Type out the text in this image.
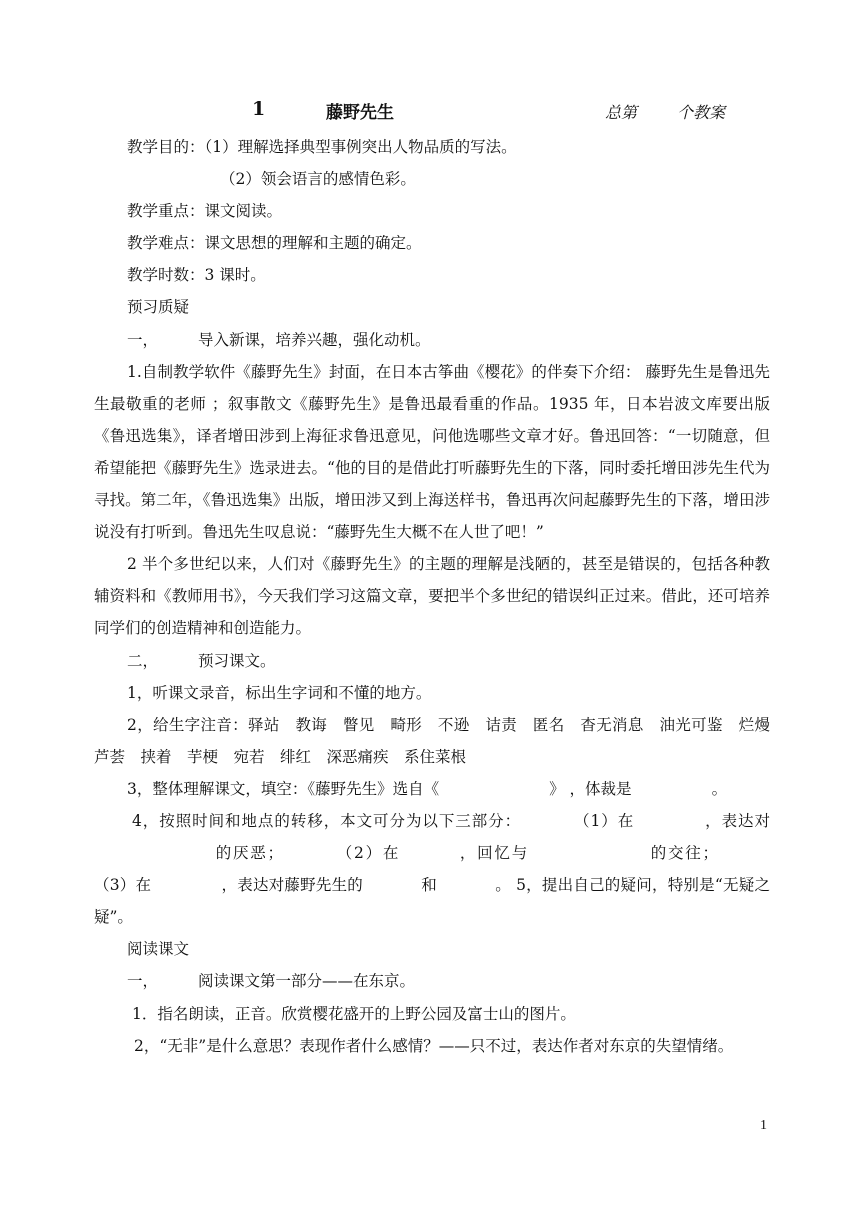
1	藤野先生	总第	个教案

教学目的：（1）理解选择典型事例突出人物品质的写法。

（2）领会语言的感情色彩。

教学重点：课文阅读。

教学难点：课文思想的理解和主题的确定。

教学时数：3 课时。

预习质疑

一，	导入新课，培养兴趣，强化动机。

1.自制教学软件《藤野先生》封面，在日本古筝曲《樱花》的伴奏下介绍： 藤野先生是鲁迅先生最敬重的老师 ；叙事散文《藤野先生》是鲁迅最看重的作品。1935 年，日本岩波文库要出版《鲁迅选集》，译者增田涉到上海征求鲁迅意见，问他选哪些文章才好。鲁迅回答：“一切随意，但希望能把《藤野先生》选录进去。“他的目的是借此打听藤野先生的下落，同时委托增田涉先生代为寻找。第二年，《鲁迅选集》出版，增田涉又到上海送样书，鲁迅再次问起藤野先生的下落，增田涉说没有打听到。鲁迅先生叹息说：“藤野先生大概不在人世了吧！”

2 半个多世纪以来，人们对《藤野先生》的主题的理解是浅陋的，甚至是错误的，包括各种教辅资料和《教师用书》，今天我们学习这篇文章，要把半个多世纪的错误纠正过来。借此，还可培养同学们的创造精神和创造能力。

二，	预习课文。

1，听课文录音，标出生字词和不懂的地方。

2，给生字注音：驿站　教诲　瞥见　畸形　不逊　诘责　匿名　杳无消息　油光可鉴　烂熳　芦荟　挟着　芋梗　宛若　绯红　深恶痛疾　系住菜根

3，整体理解课文，填空：《藤野先生》选自《	》 ，体裁是	。

4，按照时间和地点的转移，本文可分为以下三部分：	（1）在	，表达对的厌恶；	（2）在	，回忆与	的交往；（3）在	，表达对藤野先生的	和	。 5，提出自己的疑问，特别是“无疑之疑”。

阅读课文

一，	阅读课文第一部分——在东京。

1．指名朗读，正音。欣赏樱花盛开的上野公园及富士山的图片。

2，“无非”是什么意思？表现作者什么感情？——只不过，表达作者对东京的失望情绪。

1
